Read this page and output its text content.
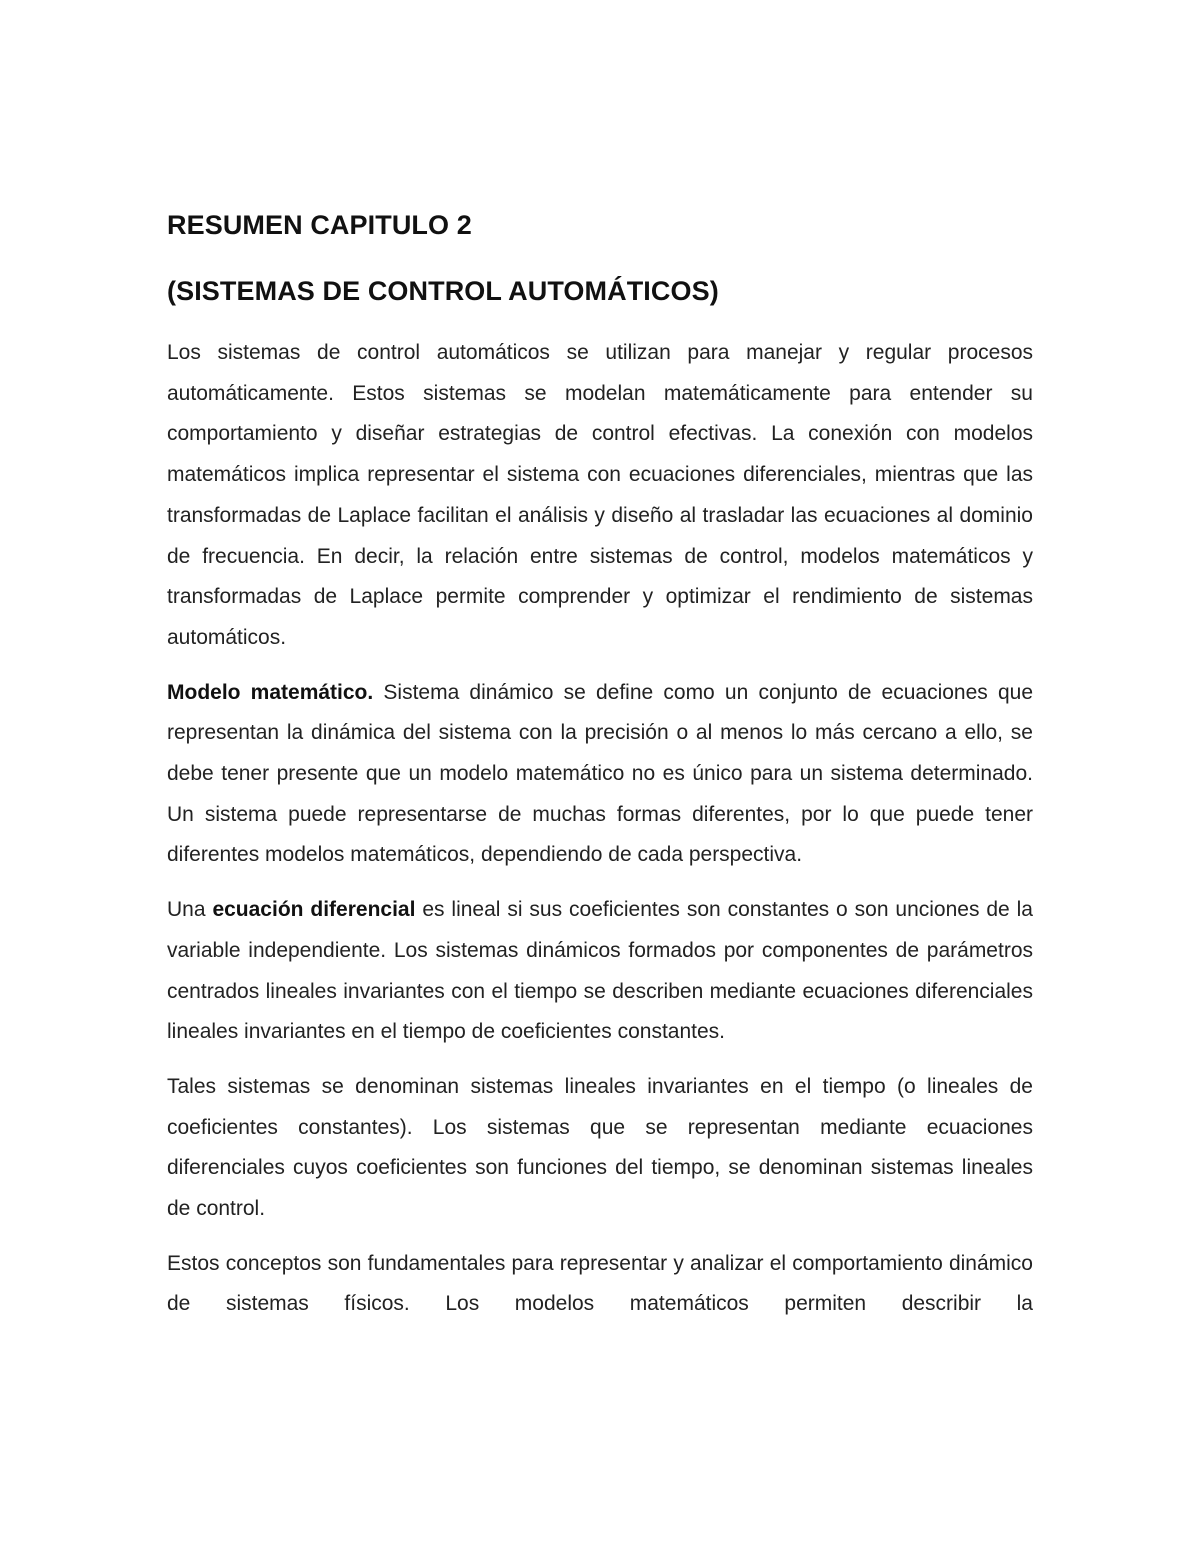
RESUMEN CAPITULO 2
(SISTEMAS DE CONTROL AUTOMÁTICOS)

Los sistemas de control automáticos se utilizan para manejar y regular procesos automáticamente. Estos sistemas se modelan matemáticamente para entender su comportamiento y diseñar estrategias de control efectivas. La conexión con modelos matemáticos implica representar el sistema con ecuaciones diferenciales, mientras que las transformadas de Laplace facilitan el análisis y diseño al trasladar las ecuaciones al dominio de frecuencia. En decir, la relación entre sistemas de control, modelos matemáticos y transformadas de Laplace permite comprender y optimizar el rendimiento de sistemas automáticos.

Modelo matemático. Sistema dinámico se define como un conjunto de ecuaciones que representan la dinámica del sistema con la precisión o al menos lo más cercano a ello, se debe tener presente que un modelo matemático no es único para un sistema determinado. Un sistema puede representarse de muchas formas diferentes, por lo que puede tener diferentes modelos matemáticos, dependiendo de cada perspectiva.

Una ecuación diferencial es lineal si sus coeficientes son constantes o son unciones de la variable independiente. Los sistemas dinámicos formados por componentes de parámetros centrados lineales invariantes con el tiempo se describen mediante ecuaciones diferenciales lineales invariantes en el tiempo de coeficientes constantes.

Tales sistemas se denominan sistemas lineales invariantes en el tiempo (o lineales de coeficientes constantes). Los sistemas que se representan mediante ecuaciones diferenciales cuyos coeficientes son funciones del tiempo, se denominan sistemas lineales de control.

Estos conceptos son fundamentales para representar y analizar el comportamiento dinámico de sistemas físicos. Los modelos matemáticos permiten describir la
